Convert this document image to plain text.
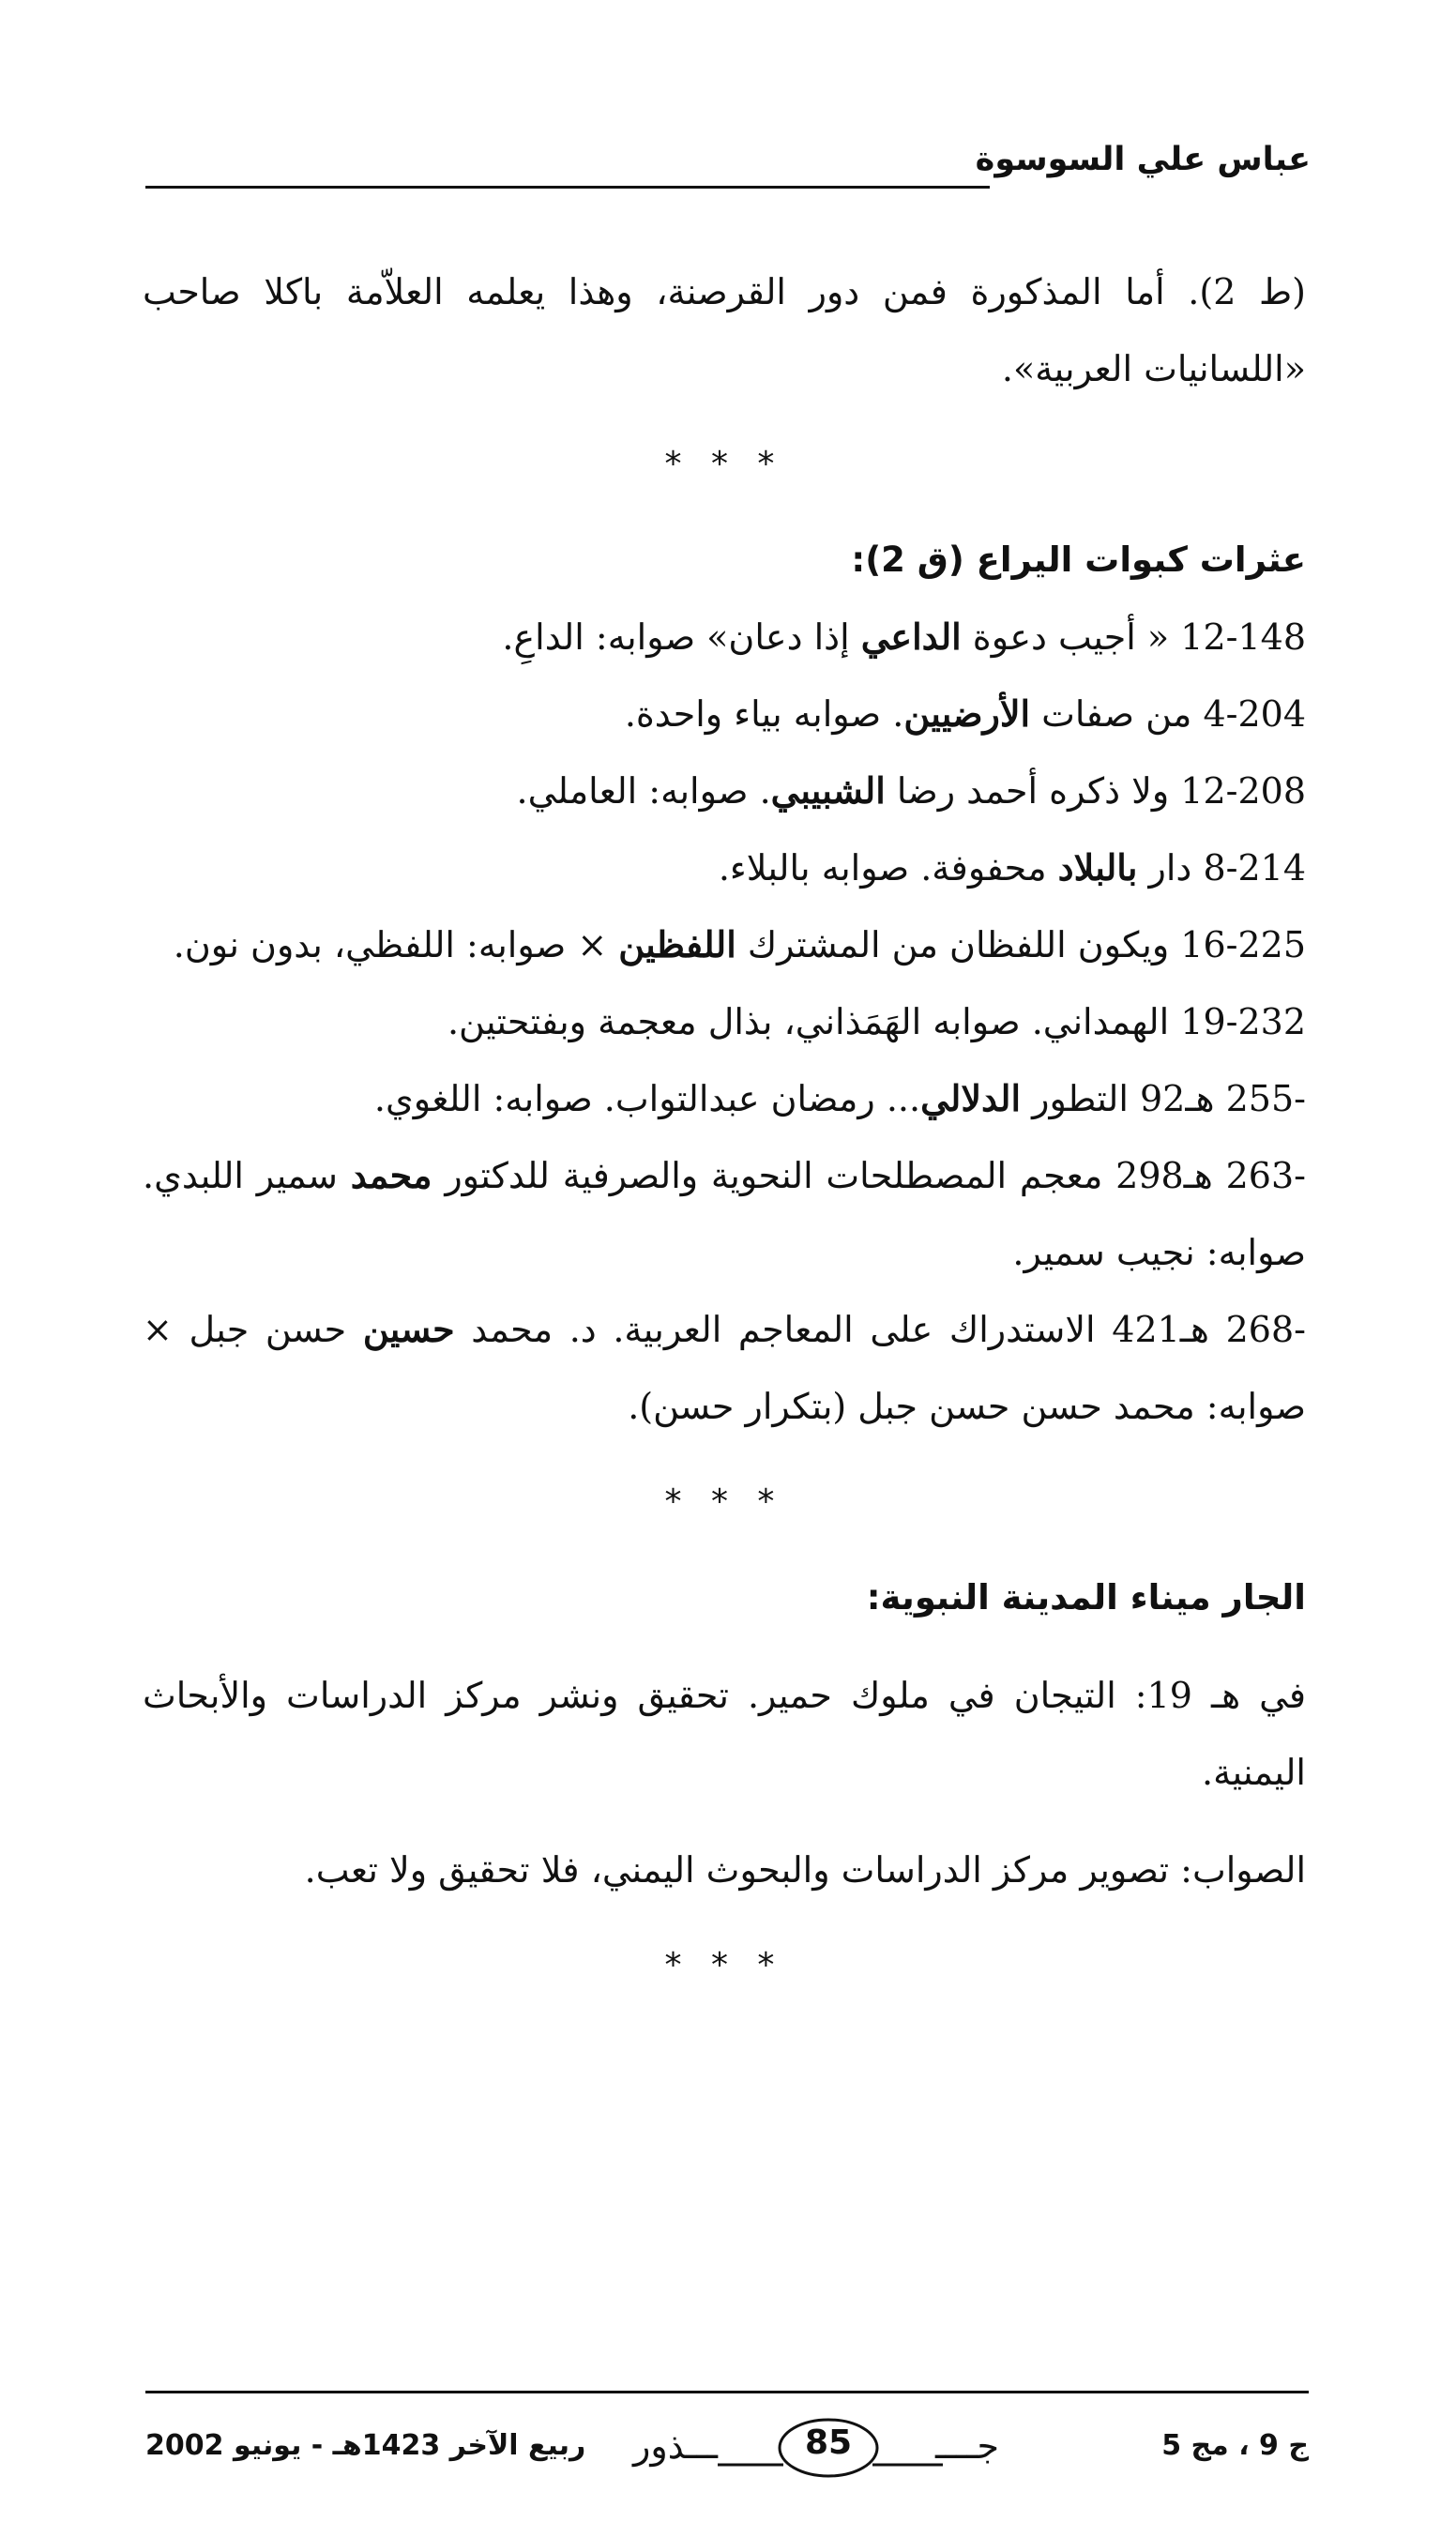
عباس علي السوسوة

(ط 2). أما المذكورة فمن دور القرصنة، وهذا يعلمه العلاّمة باكلا صاحب «اللسانيات العربية».

* * *

عثرات كبوات اليراع (ق 2):

12-148 « أجيب دعوة الداعي إذا دعان» صوابه: الداعِ.

4-204 من صفات الأرضيين. صوابه بياء واحدة.

12-208 ولا ذكره أحمد رضا الشبيبي. صوابه: العاملي.

8-214 دار بالبلاد محفوفة. صوابه بالبلاء.

16-225 ويكون اللفظان من المشترك اللفظين × صوابه: اللفظي، بدون نون.

19-232 الهمداني. صوابه الهَمَذاني، بذال معجمة وبفتحتين.

255- هـ92 التطور الدلالي... رمضان عبدالتواب. صوابه: اللغوي.

263- هـ298 معجم المصطلحات النحوية والصرفية للدكتور محمد سمير اللبدي. صوابه: نجيب سمير.

268- هـ421 الاستدراك على المعاجم العربية. د. محمد حسين حسن جبل × صوابه: محمد حسن حسن جبل (بتكرار حسن).

* * *

الجار ميناء المدينة النبوية:

في هـ 19: التيجان في ملوك حمير. تحقيق ونشر مركز الدراسات والأبحاث اليمنية.

الصواب: تصوير مركز الدراسات والبحوث اليمني، فلا تحقيق ولا تعب.

* * *
ربيع الآخر 1423هـ - يونيو 2002 ـــذور	85	جــــ	ج 9 ، مج 5
